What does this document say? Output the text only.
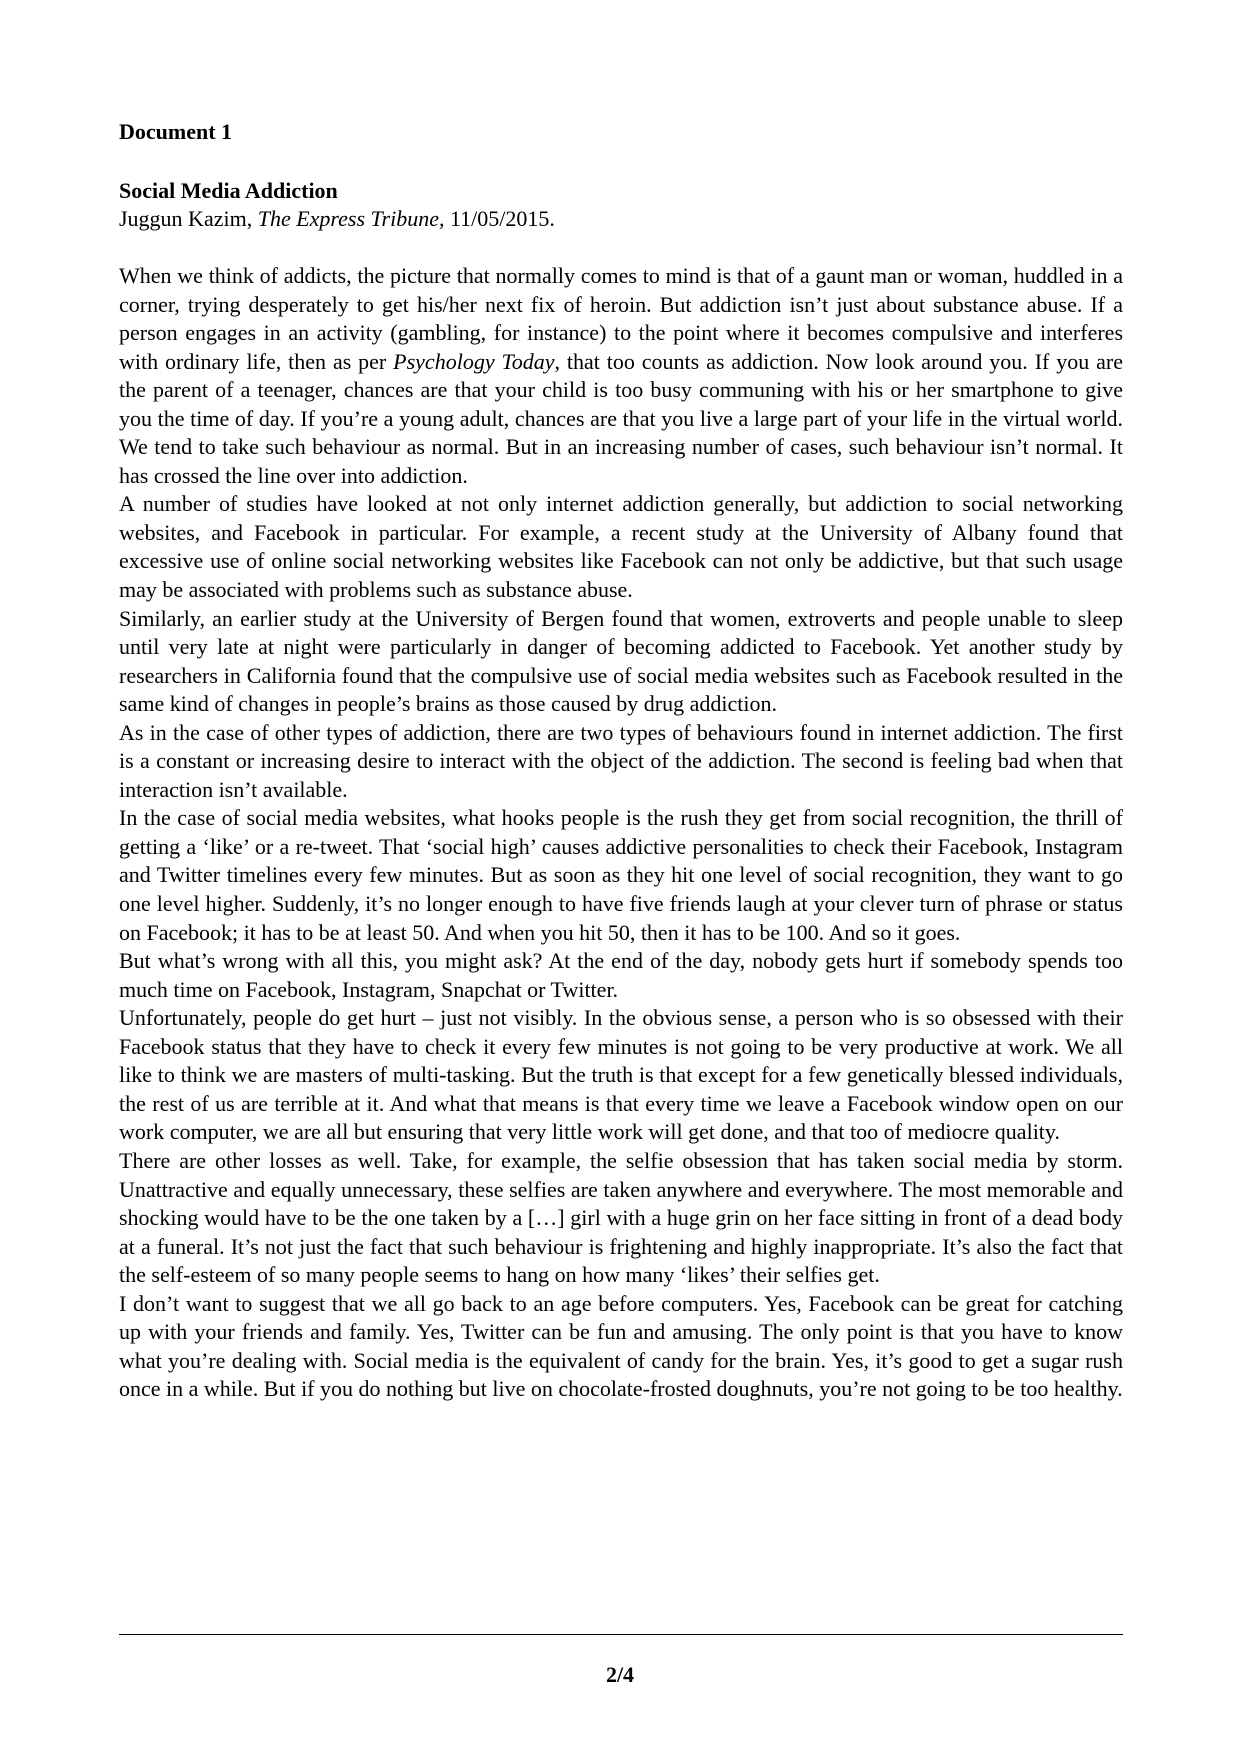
Document 1

Social Media Addiction

Juggun Kazim, The Express Tribune, 11/05/2015.

When we think of addicts, the picture that normally comes to mind is that of a gaunt man or woman, huddled in a corner, trying desperately to get his/her next fix of heroin. But addiction isn’t just about substance abuse. If a person engages in an activity (gambling, for instance) to the point where it becomes compulsive and interferes with ordinary life, then as per Psychology Today, that too counts as addiction. Now look around you. If you are the parent of a teenager, chances are that your child is too busy communing with his or her smartphone to give you the time of day. If you’re a young adult, chances are that you live a large part of your life in the virtual world. We tend to take such behaviour as normal. But in an increasing number of cases, such behaviour isn’t normal. It has crossed the line over into addiction.

A number of studies have looked at not only internet addiction generally, but addiction to social networking websites, and Facebook in particular. For example, a recent study at the University of Albany found that excessive use of online social networking websites like Facebook can not only be addictive, but that such usage may be associated with problems such as substance abuse.

Similarly, an earlier study at the University of Bergen found that women, extroverts and people unable to sleep until very late at night were particularly in danger of becoming addicted to Facebook. Yet another study by researchers in California found that the compulsive use of social media websites such as Facebook resulted in the same kind of changes in people’s brains as those caused by drug addiction.

As in the case of other types of addiction, there are two types of behaviours found in internet addiction. The first is a constant or increasing desire to interact with the object of the addiction. The second is feeling bad when that interaction isn’t available.

In the case of social media websites, what hooks people is the rush they get from social recognition, the thrill of getting a ‘like’ or a re-tweet. That ‘social high’ causes addictive personalities to check their Facebook, Instagram and Twitter timelines every few minutes. But as soon as they hit one level of social recognition, they want to go one level higher. Suddenly, it’s no longer enough to have five friends laugh at your clever turn of phrase or status on Facebook; it has to be at least 50. And when you hit 50, then it has to be 100. And so it goes.

But what’s wrong with all this, you might ask? At the end of the day, nobody gets hurt if somebody spends too much time on Facebook, Instagram, Snapchat or Twitter.

Unfortunately, people do get hurt – just not visibly. In the obvious sense, a person who is so obsessed with their Facebook status that they have to check it every few minutes is not going to be very productive at work. We all like to think we are masters of multi-tasking. But the truth is that except for a few genetically blessed individuals, the rest of us are terrible at it. And what that means is that every time we leave a Facebook window open on our work computer, we are all but ensuring that very little work will get done, and that too of mediocre quality.

There are other losses as well. Take, for example, the selfie obsession that has taken social media by storm. Unattractive and equally unnecessary, these selfies are taken anywhere and everywhere. The most memorable and shocking would have to be the one taken by a […] girl with a huge grin on her face sitting in front of a dead body at a funeral. It’s not just the fact that such behaviour is frightening and highly inappropriate. It’s also the fact that the self-esteem of so many people seems to hang on how many ‘likes’ their selfies get.

I don’t want to suggest that we all go back to an age before computers. Yes, Facebook can be great for catching up with your friends and family. Yes, Twitter can be fun and amusing. The only point is that you have to know what you’re dealing with. Social media is the equivalent of candy for the brain. Yes, it’s good to get a sugar rush once in a while. But if you do nothing but live on chocolate-frosted doughnuts, you’re not going to be too healthy.

2/4
